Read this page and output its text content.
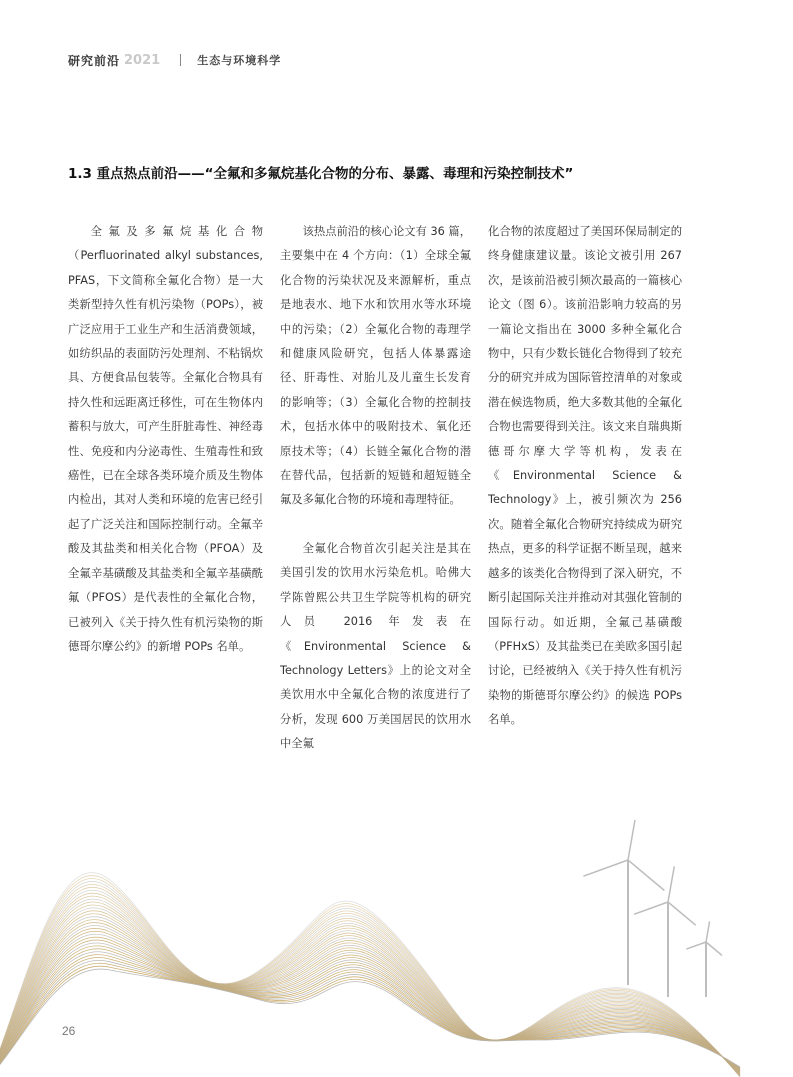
研究前沿 2021	生态与环境科学
1.3 重点热点前沿——“全氟和多氟烷基化合物的分布、暴露、毒理和污染控制技术”

全氟及多氟烷基化合物（Perfluorinated alkyl substances, PFAS，下文简称全氟化合物）是一大类新型持久性有机污染物（POPs），被广泛应用于工业生产和生活消费领域，如纺织品的表面防污处理剂、不粘锅炊具、方便食品包装等。全氟化合物具有持久性和远距离迁移性，可在生物体内蓄积与放大，可产生肝脏毒性、神经毒性、免疫和内分泌毒性、生殖毒性和致癌性，已在全球各类环境介质及生物体内检出，其对人类和环境的危害已经引起了广泛关注和国际控制行动。全氟辛酸及其盐类和相关化合物（PFOA）及全氟辛基磺酸及其盐类和全氟辛基磺酰氟（PFOS）是代表性的全氟化合物，已被列入《关于持久性有机污染物的斯德哥尔摩公约》的新增 POPs 名单。

该热点前沿的核心论文有 36 篇，主要集中在 4 个方向：（1）全球全氟化合物的污染状况及来源解析，重点是地表水、地下水和饮用水等水环境中的污染；（2）全氟化合物的毒理学和健康风险研究，包括人体暴露途径、肝毒性、对胎儿及儿童生长发育的影响等；（3）全氟化合物的控制技术，包括水体中的吸附技术、氧化还原技术等；（4）长链全氟化合物的潜在替代品，包括新的短链和超短链全氟及多氟化合物的环境和毒理特征。

全氟化合物首次引起关注是其在美国引发的饮用水污染危机。哈佛大学陈曾熙公共卫生学院等机构的研究人员 2016 年发表在《Environmental Science & Technology Letters》上的论文对全美饮用水中全氟化合物的浓度进行了分析，发现 600 万美国居民的饮用水中全氟

化合物的浓度超过了美国环保局制定的终身健康建议量。该论文被引用 267 次，是该前沿被引频次最高的一篇核心论文（图 6）。该前沿影响力较高的另一篇论文指出在 3000 多种全氟化合物中，只有少数长链化合物得到了较充分的研究并成为国际管控清单的对象或潜在候选物质，绝大多数其他的全氟化合物也需要得到关注。该文来自瑞典斯德哥尔摩大学等机构，发表在《Environmental Science & Technology》上，被引频次为 256 次。随着全氟化合物研究持续成为研究热点，更多的科学证据不断呈现，越来越多的该类化合物得到了深入研究，不断引起国际关注并推动对其强化管制的国际行动。如近期，全氟己基磺酸（PFHxS）及其盐类已在美欧多国引起讨论，已经被纳入《关于持久性有机污染物的斯德哥尔摩公约》的候选 POPs 名单。

26
